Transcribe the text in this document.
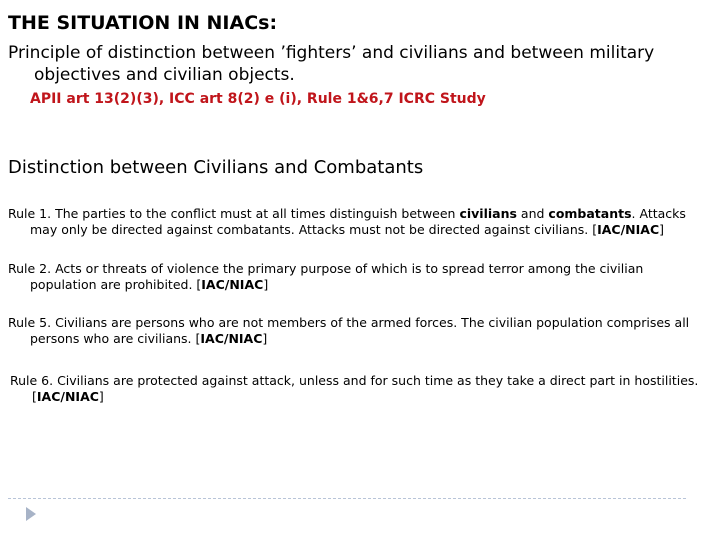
THE SITUATION IN NIACs:
Principle of distinction between ’fighters’ and civilians and between military objectives and civilian objects.
APII art 13(2)(3), ICC art 8(2) e (i), Rule 1&6,7 ICRC Study
Distinction between Civilians and Combatants
Rule 1. The parties to the conflict must at all times distinguish between civilians and combatants. Attacks may only be directed against combatants. Attacks must not be directed against civilians. [IAC/NIAC]
Rule 2. Acts or threats of violence the primary purpose of which is to spread terror among the civilian population are prohibited. [IAC/NIAC]
Rule 5. Civilians are persons who are not members of the armed forces. The civilian population comprises all persons who are civilians. [IAC/NIAC]
Rule 6. Civilians are protected against attack, unless and for such time as they take a direct part in hostilities. [IAC/NIAC]
